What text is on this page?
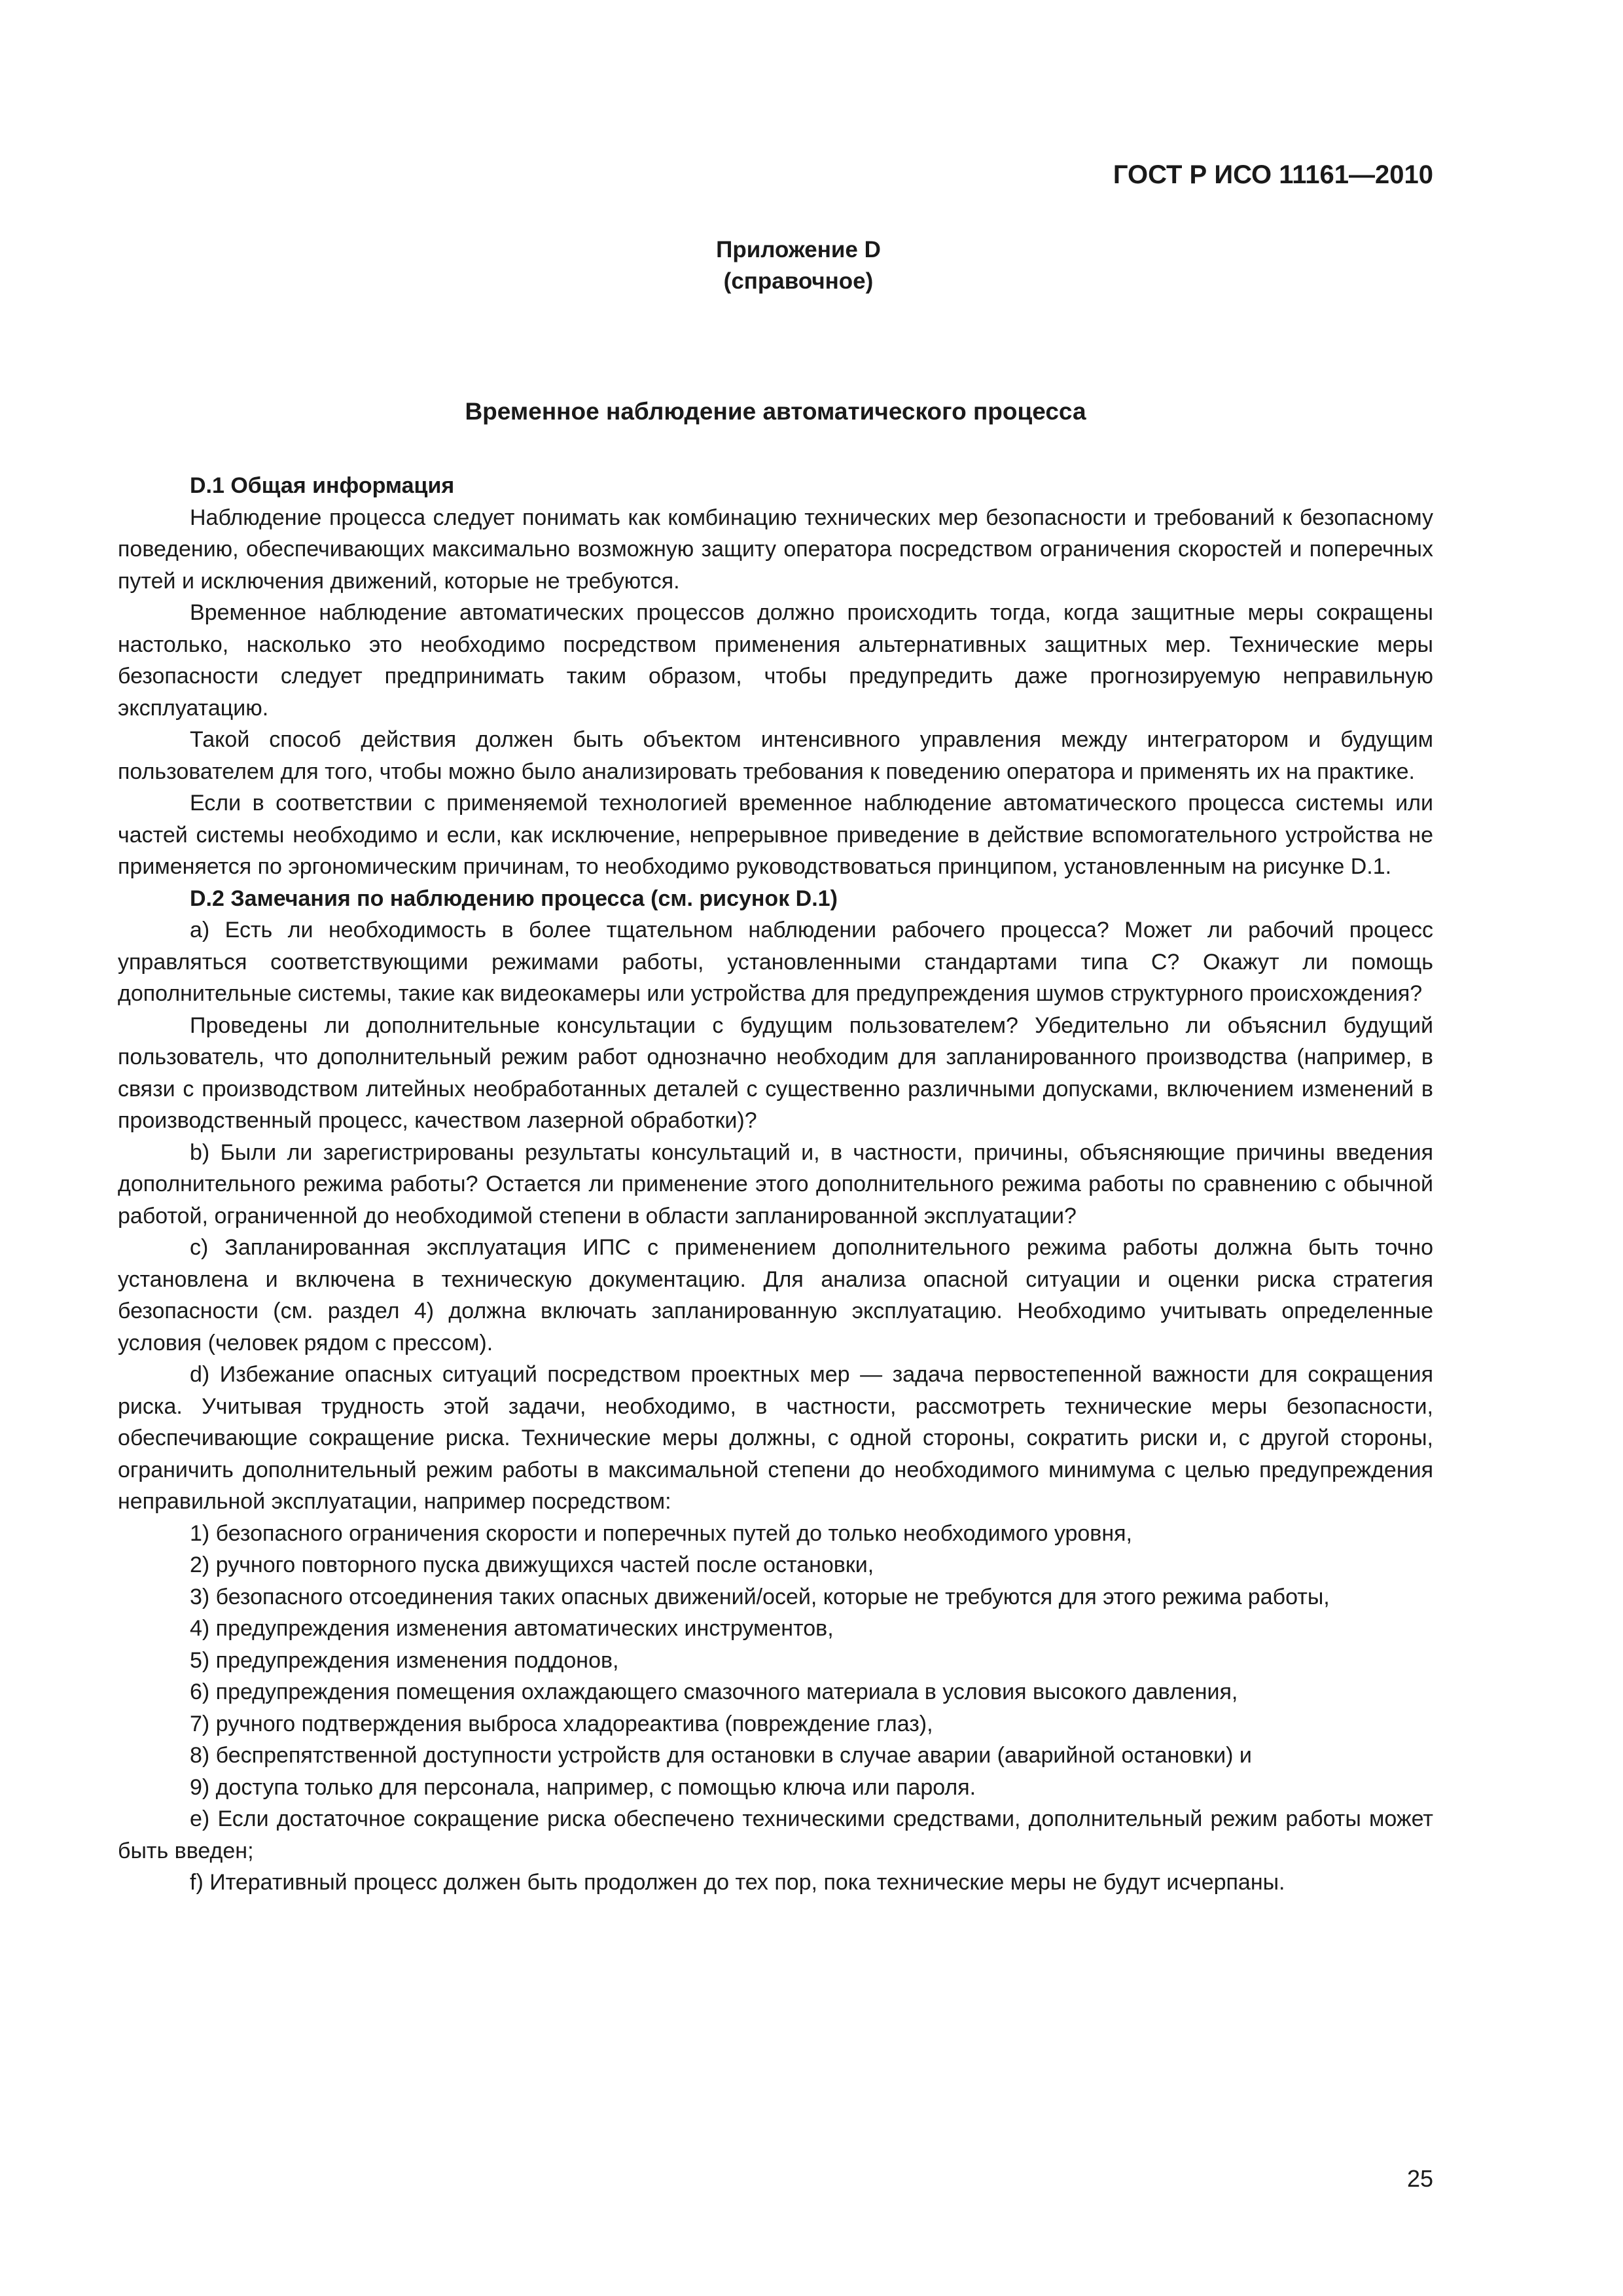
ГОСТ Р ИСО 11161—2010
Приложение D
(справочное)
Временное наблюдение автоматического процесса

D.1 Общая информация

Наблюдение процесса следует понимать как комбинацию технических мер безопасности и требований к безопасному поведению, обеспечивающих максимально возможную защиту оператора посредством ограничения скоростей и поперечных путей и исключения движений, которые не требуются.

Временное наблюдение автоматических процессов должно происходить тогда, когда защитные меры сокращены настолько, насколько это необходимо посредством применения альтернативных защитных мер. Технические меры безопасности следует предпринимать таким образом, чтобы предупредить даже прогнозируемую неправильную эксплуатацию.

Такой способ действия должен быть объектом интенсивного управления между интегратором и будущим пользователем для того, чтобы можно было анализировать требования к поведению оператора и применять их на практике.

Если в соответствии с применяемой технологией временное наблюдение автоматического процесса системы или частей системы необходимо и если, как исключение, непрерывное приведение в действие вспомогательного устройства не применяется по эргономическим причинам, то необходимо руководствоваться принципом, установленным на рисунке D.1.

D.2 Замечания по наблюдению процесса (см. рисунок D.1)

a) Есть ли необходимость в более тщательном наблюдении рабочего процесса? Может ли рабочий процесс управляться соответствующими режимами работы, установленными стандартами типа С? Окажут ли помощь дополнительные системы, такие как видеокамеры или устройства для предупреждения шумов структурного происхождения?

Проведены ли дополнительные консультации с будущим пользователем? Убедительно ли объяснил будущий пользователь, что дополнительный режим работ однозначно необходим для запланированного производства (например, в связи с производством литейных необработанных деталей с существенно различными допусками, включением изменений в производственный процесс, качеством лазерной обработки)?

b) Были ли зарегистрированы результаты консультаций и, в частности, причины, объясняющие причины введения дополнительного режима работы? Остается ли применение этого дополнительного режима работы по сравнению с обычной работой, ограниченной до необходимой степени в области запланированной эксплуатации?

c) Запланированная эксплуатация ИПС с применением дополнительного режима работы должна быть точно установлена и включена в техническую документацию. Для анализа опасной ситуации и оценки риска стратегия безопасности (см. раздел 4) должна включать запланированную эксплуатацию. Необходимо учитывать определенные условия (человек рядом с прессом).

d) Избежание опасных ситуаций посредством проектных мер — задача первостепенной важности для сокращения риска. Учитывая трудность этой задачи, необходимо, в частности, рассмотреть технические меры безопасности, обеспечивающие сокращение риска. Технические меры должны, с одной стороны, сократить риски и, с другой стороны, ограничить дополнительный режим работы в максимальной степени до необходимого минимума с целью предупреждения неправильной эксплуатации, например посредством:

1) безопасного ограничения скорости и поперечных путей до только необходимого уровня,

2) ручного повторного пуска движущихся частей после остановки,

3) безопасного отсоединения таких опасных движений/осей, которые не требуются для этого режима работы,

4) предупреждения изменения автоматических инструментов,

5) предупреждения изменения поддонов,

6) предупреждения помещения охлаждающего смазочного материала в условия высокого давления,

7) ручного подтверждения выброса хладореактива (повреждение глаз),

8) беспрепятственной доступности устройств для остановки в случае аварии (аварийной остановки) и

9) доступа только для персонала, например, с помощью ключа или пароля.

e) Если достаточное сокращение риска обеспечено техническими средствами, дополнительный режим работы может быть введен;

f) Итеративный процесс должен быть продолжен до тех пор, пока технические меры не будут исчерпаны.

25
